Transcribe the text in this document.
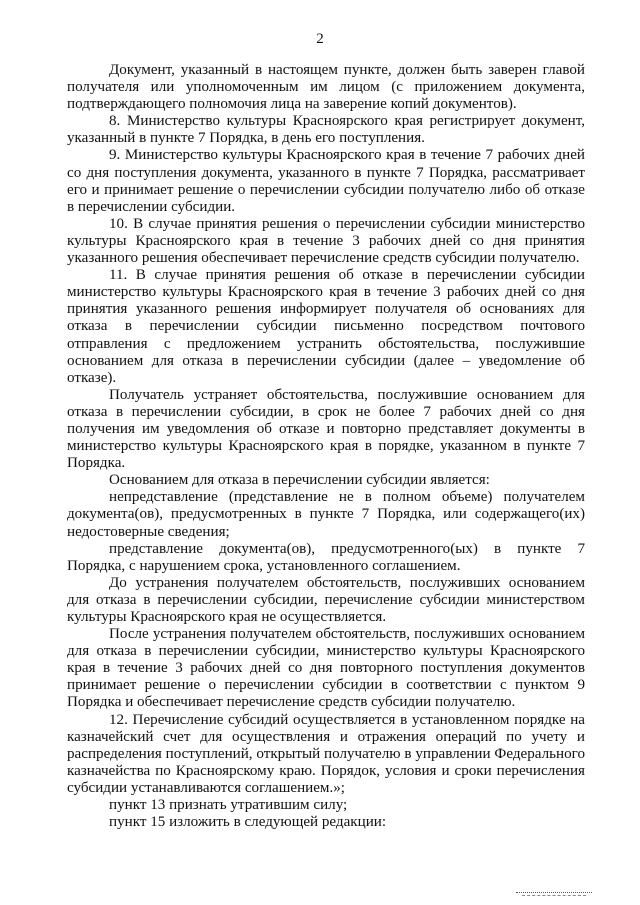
2

Документ, указанный в настоящем пункте, должен быть заверен главой получателя или уполномоченным им лицом (с приложением документа, подтверждающего полномочия лица на заверение копий документов).

8. Министерство культуры Красноярского края регистрирует документ, указанный в пункте 7 Порядка, в день его поступления.

9. Министерство культуры Красноярского края в течение 7 рабочих дней со дня поступления документа, указанного в пункте 7 Порядка, рассматривает его и принимает решение о перечислении субсидии получателю либо об отказе в перечислении субсидии.

10. В случае принятия решения о перечислении субсидии министерство культуры Красноярского края в течение 3 рабочих дней со дня принятия указанного решения обеспечивает перечисление средств субсидии получателю.

11. В случае принятия решения об отказе в перечислении субсидии министерство культуры Красноярского края в течение 3 рабочих дней со дня принятия указанного решения информирует получателя об основаниях для отказа в перечислении субсидии письменно посредством почтового отправления с предложением устранить обстоятельства, послужившие основанием для отказа в перечислении субсидии (далее – уведомление об отказе).

Получатель устраняет обстоятельства, послужившие основанием для отказа в перечислении субсидии, в срок не более 7 рабочих дней со дня получения им уведомления об отказе и повторно представляет документы в министерство культуры Красноярского края в порядке, указанном в пункте 7 Порядка.

Основанием для отказа в перечислении субсидии является:

непредставление (представление не в полном объеме) получателем документа(ов), предусмотренных в пункте 7 Порядка, или содержащего(их) недостоверные сведения;

представление документа(ов), предусмотренного(ых) в пункте 7 Порядка, с нарушением срока, установленного соглашением.

До устранения получателем обстоятельств, послуживших основанием для отказа в перечислении субсидии, перечисление субсидии министерством культуры Красноярского края не осуществляется.

После устранения получателем обстоятельств, послуживших основанием для отказа в перечислении субсидии, министерство культуры Красноярского края в течение 3 рабочих дней со дня повторного поступления документов принимает решение о перечислении субсидии в соответствии с пунктом 9 Порядка и обеспечивает перечисление средств субсидии получателю.

12. Перечисление субсидий осуществляется в установленном порядке на казначейский счет для осуществления и отражения операций по учету и распределения поступлений, открытый получателю в управлении Федерального казначейства по Красноярскому краю. Порядок, условия и сроки перечисления субсидии устанавливаются соглашением.»;

пункт 13 признать утратившим силу;

пункт 15 изложить в следующей редакции:
